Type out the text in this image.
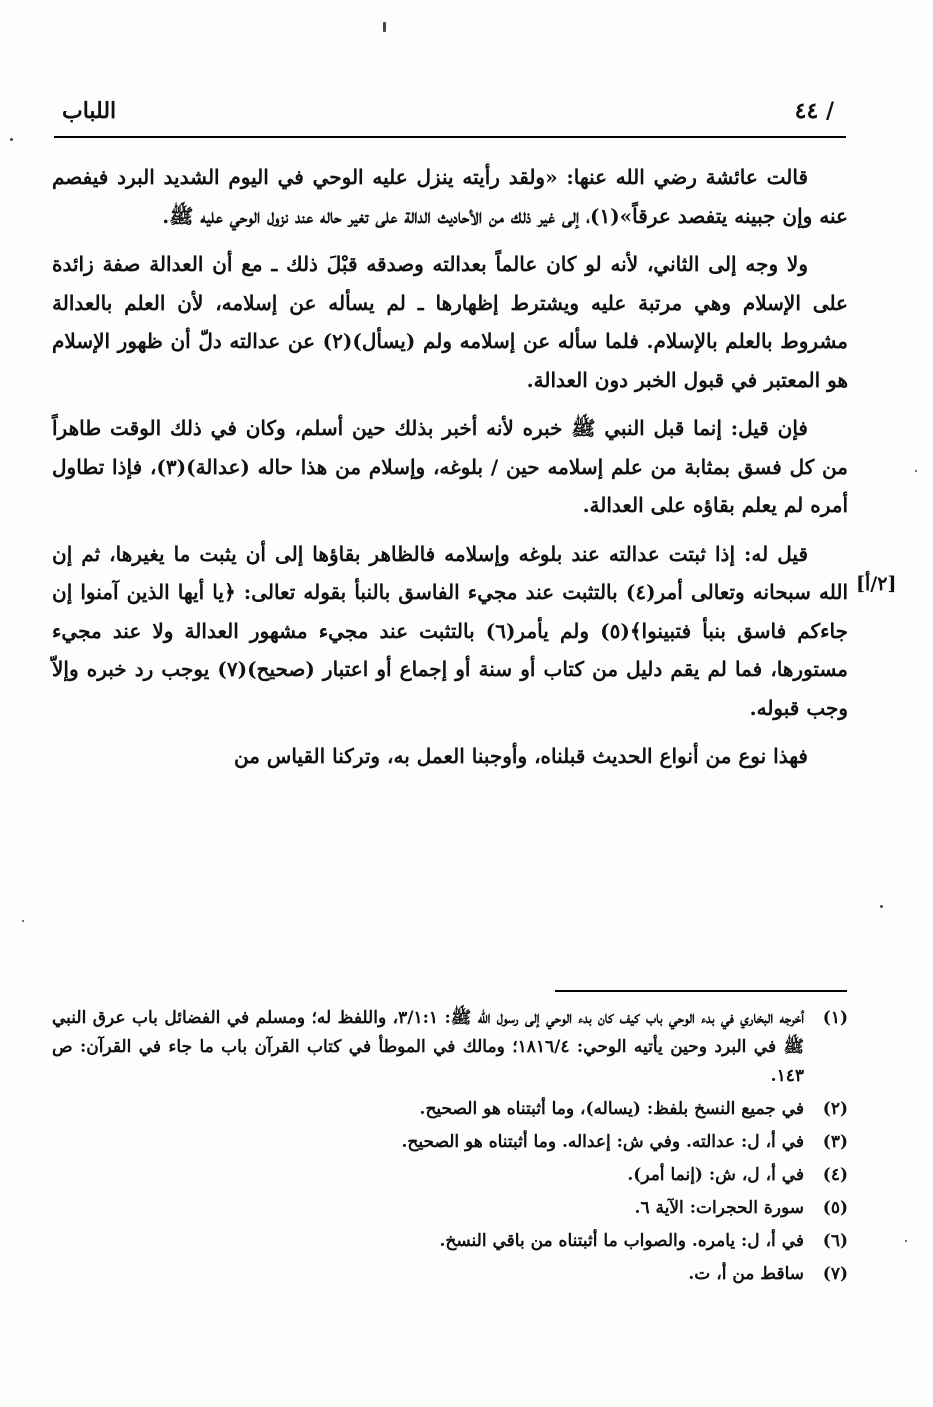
اللباب	/ ٤٤

قالت عائشة رضي الله عنها: «ولقد رأيته ينزل عليه الوحي في اليوم الشديد البرد فيفصم عنه وإن جبينه يتفصد عرقاً»(١)، إلى غير ذلك من الأحاديث الدالة على تغير حاله عند نزول الوحي عليه ﷺ.

ولا وجه إلى الثاني، لأنه لو كان عالماً بعدالته وصدقه قبْلَ ذلك ـ مع أن العدالة صفة زائدة على الإسلام وهي مرتبة عليه ويشترط إظهارها ـ لم يسأله عن إسلامه، لأن العلم بالعدالة مشروط بالعلم بالإسلام. فلما سأله عن إسلامه ولم (يسأل)(٢) عن عدالته دلّ أن ظهور الإسلام هو المعتبر في قبول الخبر دون العدالة.

فإن قيل: إنما قبل النبي ﷺ خبره لأنه أخبر بذلك حين أسلم، وكان في ذلك الوقت طاهراً من كل فسق بمثابة من علم إسلامه حين / بلوغه، وإسلام من هذا حاله (عدالة)(٣)، فإذا تطاول أمره لم يعلم بقاؤه على العدالة.

قيل له: إذا ثبتت عدالته عند بلوغه وإسلامه فالظاهر بقاؤها إلى أن يثبت ما يغيرها، ثم إن الله سبحانه وتعالى أمر(٤) بالتثبت عند مجيء الفاسق بالنبأ بقوله تعالى: ﴿يا أيها الذين آمنوا إن جاءكم فاسق بنبأ فتبينوا﴾(٥) ولم يأمر(٦) بالتثبت عند مجيء مشهور العدالة ولا عند مجيء مستورها، فما لم يقم دليل من كتاب أو سنة أو إجماع أو اعتبار (صحيح)(٧) يوجب رد خبره وإلاّ وجب قبوله.

فهذا نوع من أنواع الحديث قبلناه، وأوجبنا العمل به، وتركنا القياس من

[٢/أ]
(١)
أخرجه البخاري في بدء الوحي باب كيف كان بدء الوحي إلى رسول الله ﷺ: ٣/١:١، واللفظ له؛ ومسلم في الفضائل باب عرق النبي ﷺ في البرد وحين يأتيه الوحي: ١٨١٦/٤؛ ومالك في الموطأ في كتاب القرآن باب ما جاء في القرآن: ص ١٤٣.
(٢)
في جميع النسخ بلفظ: (يساله)، وما أثبتناه هو الصحيح.
(٣)
في أ، ل: عدالته. وفي ش: إعداله. وما أثبتناه هو الصحيح.
(٤)
في أ، ل، ش: (إنما أمر).
(٥)
سورة الحجرات: الآية ٦.
(٦)
في أ، ل: يامره. والصواب ما أثبتناه من باقي النسخ.
(٧)
ساقط من أ، ت.
